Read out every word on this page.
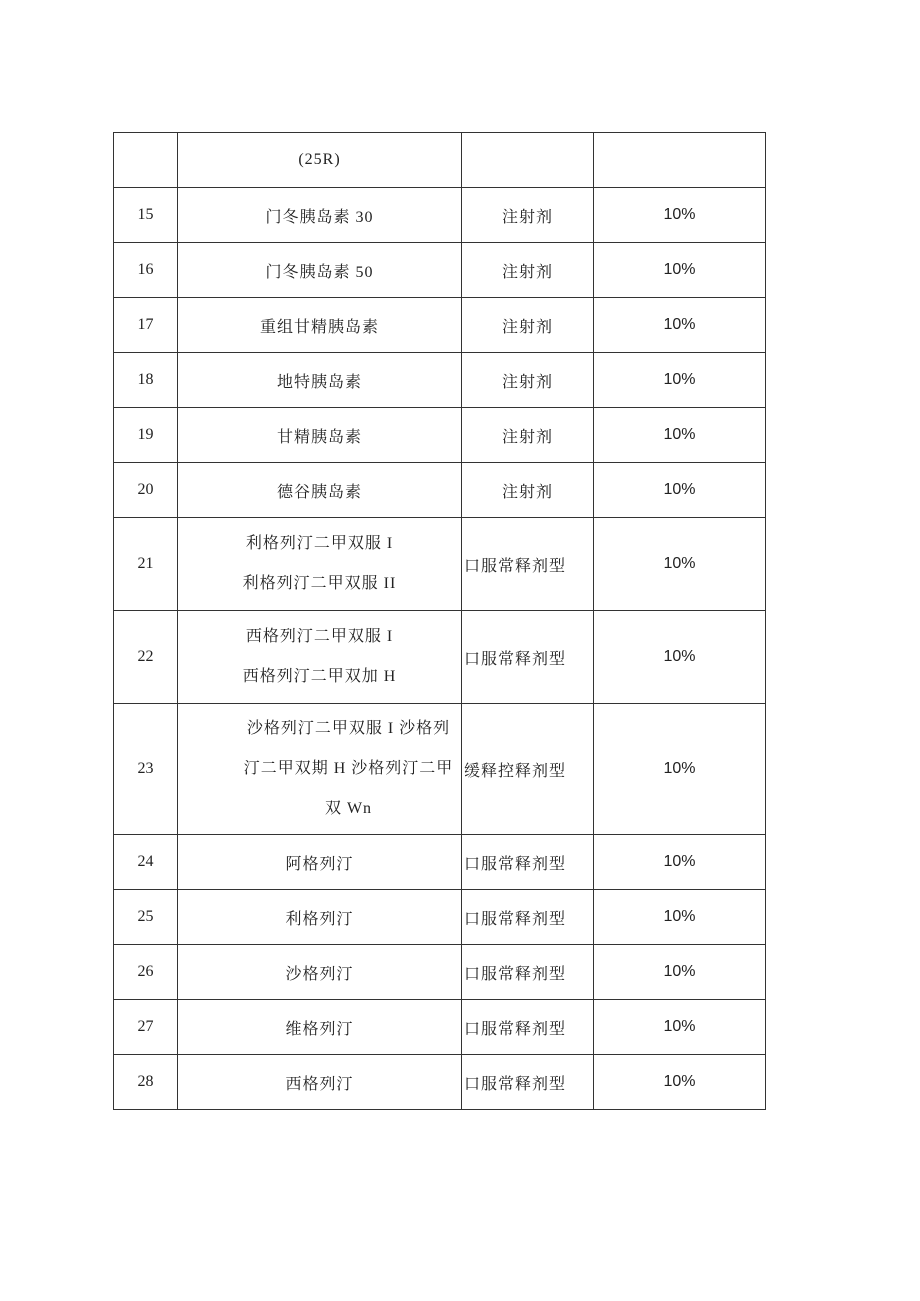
	(25R)		

15	门冬胰岛素 30	注射剂	10%
16	门冬胰岛素 50	注射剂	10%
17	重组甘精胰岛素	注射剂	10%
18	地特胰岛素	注射剂	10%
19	甘精胰岛素	注射剂	10%
20	德谷胰岛素	注射剂	10%
21	利格列汀二甲双服 I
利格列汀二甲双服 II	口服常释剂型	10%
22	西格列汀二甲双服 I
西格列汀二甲双加 H	口服常释剂型	10%
23	沙格列汀二甲双服 I 沙格列
汀二甲双期 H 沙格列汀二甲
双 Wn	缓释控释剂型	10%
24	阿格列汀	口服常释剂型	10%
25	利格列汀	口服常释剂型	10%
26	沙格列汀	口服常释剂型	10%
27	维格列汀	口服常释剂型	10%
28	西格列汀	口服常释剂型	10%
